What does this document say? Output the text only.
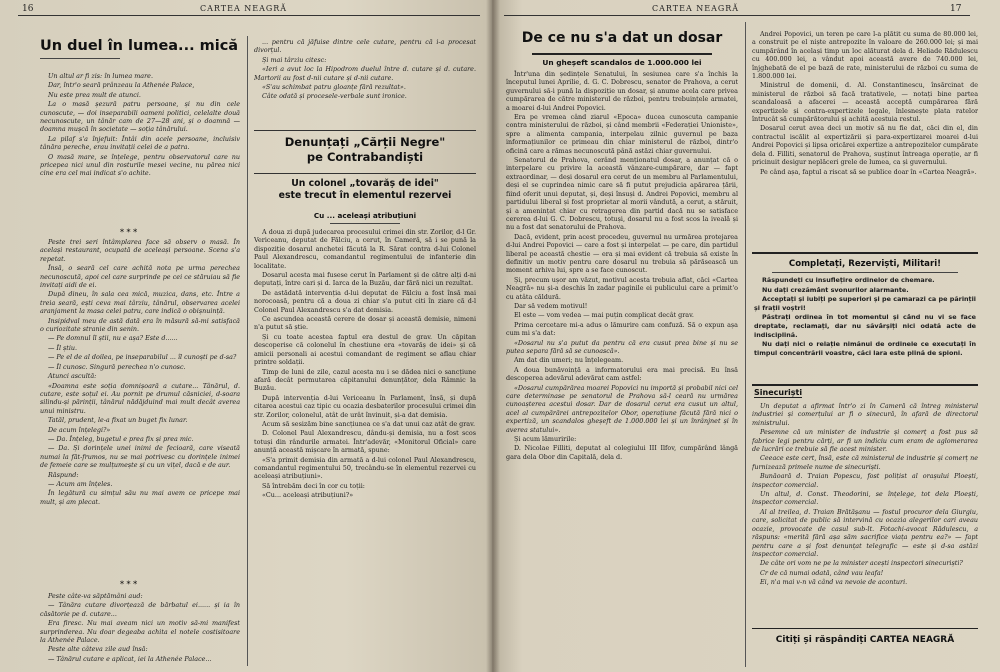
16	CARTEA NEAGRĂ
Un duel în lumea... mică

Un altul ar fi zis: în lumea mare.

Dar, într'o seară prânzeau la Athenée Palace,

Nu este prea mult de atunci.

La o masă șezură patru persoane, și nu din cele cunoscute, — doi inseparabili oameni politici, celelalte două necunoscute, un tânăr cam de 27—28 ani, și o doamnă — doamna mușcă în societate — soția tânărului.

La pilaf s'a înjefuit: Întâi din acele persoane, incluisiv tânăra pereche, erau invitații celei de a patra.

O masă mare, se înțelege, pentru observatorul care nu pricepea nici unul din rosturile mesei vecine, nu părea nici cine era cel mai indicat s'o achite.

* * *

Peste trei seri întâmplarea face să observ o masă. În același restaurant, ocupată de aceleași persoane. Scena s'a repetat.

Însă, o seară cel care achită nota pe urma perechea necunoscută, apoi cel care surprinde pe cei ce stăruiau să fie invitați aidi de ei.

După dineu, în sala cea mică, muzica, dans, etc. Între a treia seară, ești ceva mai târziu, tânărul, observarea acelei aranjament la masa celei patru, care indică o obișnuință.

Insipidval meu de astă dată era în măsură să-mi satisfacă o curiozitate stranie din senin.

— Pe domnul îl știi, nu e așa? Este d......

— Îl știu.

— Pe el de al doilea, pe inseparabilul ... îl cunoști pe d-sa?

— Îl cunosc. Singură perechea n'o cunosc.

Atunci ascultă:

«Doamna este soția domnișoară a cutare... Tânărul, d. cutare, este soțul ei. Au pornit pe drumul căsniciei, d-soara silindu-și părinții, tânărul nădăjduind mai mult decât averea unui ministru.

Tatăl, prudent, le-a fixat un buget fix lunar.

De acum înțelegi?»

— Da. Înțeleg, bugetul e prea fix și prea mic.

— Da. Și dorințele unei inimi de fecioară, care viseată numai la făt-frumos, nu se mai potrivesc cu dorințele inimei de femeie care se mulțumește și cu un vițel, dacă e de aur.

Răspund:

— Acum am înțeles.

În legătură cu simțul său nu mai avem ce pricepe mai mult, și am plecat.

* * *

Peste câte-va săptămâni aud:

— Tânăra cutare divorțează de bărbatul ei...... și ia în căsătorie pe d. cutare...

Era firesc. Nu mai aveam nici un motiv să-mi manifest surprinderea. Nu doar degeaba achita el notele costisitoare la Athenée Palace.

Peste alte câteva zile aud însă:

— Tânărul cutare e aplicat, iei la Athenée Palace...

... pentru că jăfuise dintre cele cutare, pentru că i-a procesat divorțul.

Și mai târziu citesc:

«Ieri a avut loc la Hipodrom duelul între d. cutare și d. cutare. Martorii au fost d-nii cutare și d-nii cutare.

«S'au schimbat patru gloanțe fără rezultat».

Câte odată și procesele-verbale sunt ironice.

Denunțați „Cărții Negre"
pe Contrabandiști
Un colonel „tovarăș de idei"
este trecut în elementul rezervei
Cu ... aceleași atribuțiuni

A doua zi după judecarea procesului crimei din str. Zorilor, d-l Gr. Vericeanu, deputat de Fălciu, a cerut, în Cameră, să i se pună la dispoziție dosarul anchetei făcută la R. Sărat contra d-lui Colonel Paul Alexandrescu, comandantul regimentului de infanterie din localitate.

Dosarul acesta mai fusese cerut în Parlament și de către alți d-ni deputați, între cari și d. Iarca de la Buzău, dar fără nici un rezultat.

De astădată intervenția d-lui deputat de Fălciu a fost însă mai norocoasă, pentru că a doua zi chiar s'a putut citi în ziare că d-l Colonel Paul Alexandrescu s'a dat demisia.

Ce ascundea această cerere de dosar și această demisie, nimeni n'a putut să știe.

Și cu toate acestea faptul era destul de grav. Un căpitan descoperise că colonelul în chestiune era «tovarăș de idei» și că amicii personali ai acestui comandant de regiment se aflau chiar printre soldații.

Timp de luni de zile, cazul acesta nu i se dădea nici o sancțiune afară decât permutarea căpitanului denunțător, dela Râmnic la Buzău.

După intervenția d-lui Vericeanu în Parlament, însă, și după citarea acestui caz tipic cu ocazia desbaterilor procesului crimei din str. Zorilor, colonelul, atât de urât învinuit, și-a dat demisia.

Acum să sesizăm bine sancțiunea ce s'a dat unui caz atât de grav.

D. Colonel Paul Alexandrescu, dându-și demisia, nu a fost scos totuși din rândurile armatei. Într'adevăr, «Monitorul Oficial» care anunță această mișcare în armată, spune:

«S'a primit demisia din armată a d-lui colonel Paul Alexandrescu, comandantul regimentului 50, trecându-se în elementul rezervei cu aceleași atribuțiuni».

Să întrebăm deci în cor cu toții:

«Cu... aceleași atribuțiuni?»

CARTEA NEAGRĂ	17
De ce nu s'a dat un dosar
Un gheșeft scandalos de 1.000.000 lei

Într'una din ședințele Senatului, în sesiunea care s'a închis la începutul lunei Aprilie, d. G. C. Dobrescu, senator de Prahova, a cerut guvernului să-i pună la dispoziție un dosar, și anume acela care privea cumpărarea de către ministerul de război, pentru trebuințele armatei, a moarei d-lui Andrei Popovici.

Era pe vremea când ziarul «Epoca» ducea cunoscuta campanie contra ministerului de război, și când membrii «Federației Unioniste», spre a alimenta campania, interpelau zilnic guvernul pe baza informațiunilor ce primeau din chiar ministerul de război, dintr'o oficină care a rămas necunoscută până astăzi chiar guvernului.

Senatorul de Prahova, cerând menționatul dosar, a anunțat că o interpelare cu privire la această vânzare-cumpărare, dar — fapt extraordinar, — deși dosarul era cerut de un membru al Parlamentului, deși el se cuprindea nimic care să fi putut prejudicia apărarea țării, fiind oferit unui deputat, și, deși însuși d. Andrei Popovici, membru al partidului liberal și fost proprietar al morii vândută, a cerut, a stăruit, și a amenințat chiar cu retragerea din partid dacă nu se satisface cererea d-lui G. C. Dobrescu, totuși, dosarul nu a fost scos la iveală și nu a fost dat senatorului de Prahova.

Dacă, evident, prin acest procedeu, guvernul nu urmărea protejarea d-lui Andrei Popovici — care a fost și interpelat — pe care, din partidul liberal pe această chestie — era și mai evident că trebuia să existe în definitiv un motiv pentru care dosarul nu trebuia să părăsească un moment arhiva lui, spre a se face cunoscut.

Și, precum ușor am văzut, motivul acesta trebuia aflat, căci «Cartea Neagră» nu și-a deschis în zadar paginile ei publicului care a primit'o cu atâta căldură.

Dar să vedem motivul!

El este — vom vedea — mai puțin complicat decât grav.

Prima cercetare mi-a adus o lămurire cam confuză. Să o expun așa cum mi s'a dat:

«Dosarul nu s'a putut da pentru că era cusut prea bine și nu se putea separa fără să se cunoască».

Am dat din umeri; nu înțelegeam.

A doua bunăvoință a informatorului era mai precisă. Eu însă descoperea adevărul adevărat cam astfel:

«Dosarul cumpărărea moarei Popovici nu importă și probabil nici cel care determinase pe senatorul de Prahova să-l ceară nu urmărea cunoașterea acestui dosar. Dar de dosarul cerut era cusut un altul, acel al cumpărărei antrepozitelor Obor, operațiune făcută fără nici o expertiză, un scandalos gheșeft de 1.000.000 lei și un înrânjnet și în averea statului».

Și acum lămuririle:

D. Nicolae Filliti, deputat al colegiului III Ilfov, cumpărând lângă gara dela Obor din Capitală, dela d.

Andrei Popovici, un teren pe care l-a plătit cu suma de 80.000 lei, a construit pe el niște antrepozite în valoare de 260.000 lei; și mai cumpărând în același timp un loc alăturat dela d. Heliade Rădulescu cu 400.000 lei, a vândut apoi această avere de 740.000 lei, înjghebată de el pe bază de rate, ministerului de război cu suma de 1.800.000 lei.

Ministrul de domenii, d. Al. Constantinescu, însărcinat de ministerul de război să facă tratativele, — notați bine partea scandaloasă a afacerei — această acceptă cumpărarea fără expertizele și contra-expertizele legale, înlesnește plata ratelor întrucât să cumpărătorului și achită acestuia restul.

Dosarul cerut avea deci un motiv să nu fie dat, căci din el, din contractul iscălit al expertizării și para-expertizarei moarei d-lui Andrei Popovici și lipsa oricărei expertize a antrepozitelor cumpărate dela d. Filliti, senatorul de Prahova, sușținut întreaga operație, ar fi pricinuit desigur neplăceri grele de lumea, ca și guvernului.

Pe când așa, faptul a riscat să se publice doar în «Cartea Neagră».

Completați, Rezerviști, Militari!

Răspundeți cu insuflețire ordinelor de chemare.

Nu dați crezământ svonurilor alarmante.

Acceptați și iubiți pe superiori și pe camarazi ca pe părinții și frații voștri!

Păstrați ordinea în tot momentul și când nu vi se face dreptate, reclamați, dar nu săvârșiți nici odată acte de indisciplină.

Nu dați nici o relație nimănui de ordinele ce executați în timpul concentrării voastre, căci lara este plină de spioni.

Sinecuriști

Un deputat a afirmat într'o zi în Cameră că întreg ministerul industriei și comerțului ar fi o sinecură, în afară de directorul ministrului.

Pesemne că un minister de industrie și comerț a fost pus să fabrice legi pentru cărți, ar fi un indiciu cum eram de aglomerarea de lucrări ce trebuie să fie acest minister.

Ceeace este cert, însă, este că ministerul de industrie și comerț ne furnizează primele nume de sinecuriști.

Bunăoară d. Traian Popescu, fost polițist al orașului Ploești, inspector comercial.

Un altul, d. Const. Theodorini, se înțelege, tot dela Ploești, inspector comercial.

Al al treilea, d. Traian Brătășanu — fostul procuror dela Giurgiu, care, solicitat de public să intervină cu ocazia alegerilor cari aveau ocazie, provocate de casul sub-lt. Fotachi-avocat Rădulescu, a răspuns: «merită fără așa săm sacrifice viața pentru ea?» — fapt pentru care a și fost denunțat telegrafic — este și d-sa astăzi inspector comercial.

De câte ori vom ne pe la minister acești inspectori sinecuriști?

Cr de că numai odată, când vau leafa!

Ei, n'a mai v-n vă când va nevoie de aconturi.

Citiți și răspândiți CARTEA NEAGRĂ
